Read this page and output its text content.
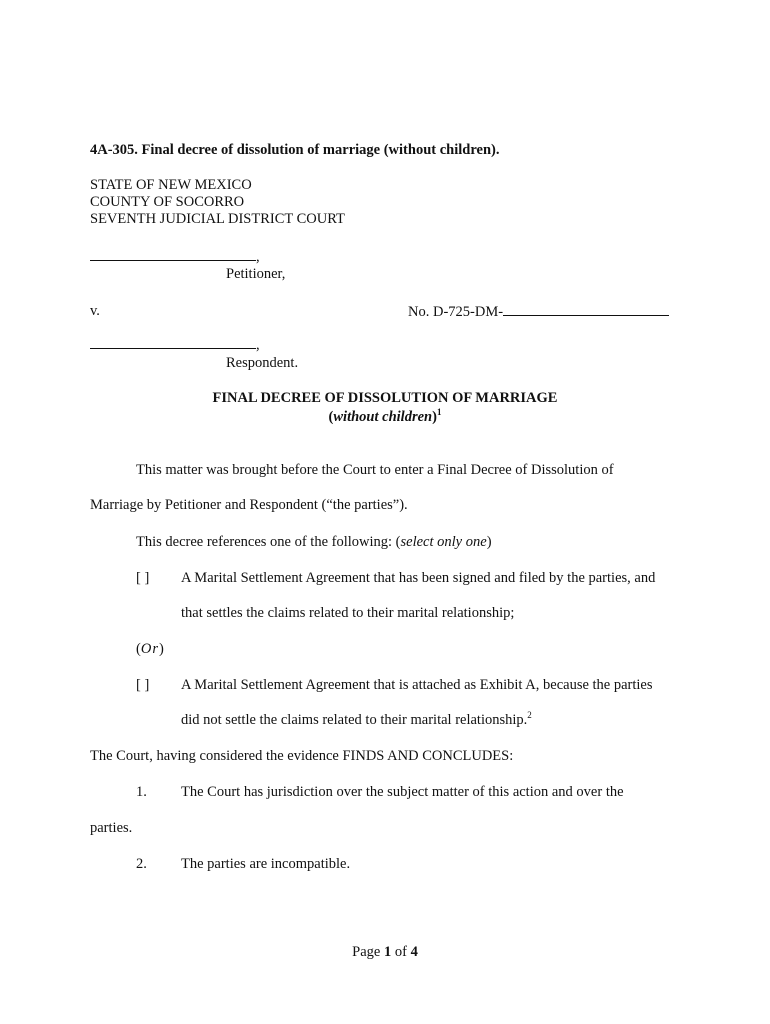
4A-305. Final decree of dissolution of marriage (without children).
STATE OF NEW MEXICO
COUNTY OF SOCORRO
SEVENTH JUDICIAL DISTRICT COURT
,
Petitioner,
v.	No. D-725-DM-
,
Respondent.
FINAL DECREE OF DISSOLUTION OF MARRIAGE
(without children)$^1$
This matter was brought before the Court to enter a Final Decree of Dissolution of
Marriage by Petitioner and Respondent (“the parties”).
This decree references one of the following: (select only one)
[ ] A Marital Settlement Agreement that has been signed and filed by the parties, and
that settles the claims related to their marital relationship;
(Or)
[ ] A Marital Settlement Agreement that is attached as Exhibit A, because the parties
did not settle the claims related to their marital relationship.$^2$
The Court, having considered the evidence FINDS AND CONCLUDES:
1. The Court has jurisdiction over the subject matter of this action and over the
parties.
2. The parties are incompatible.
Page 1 of 4
